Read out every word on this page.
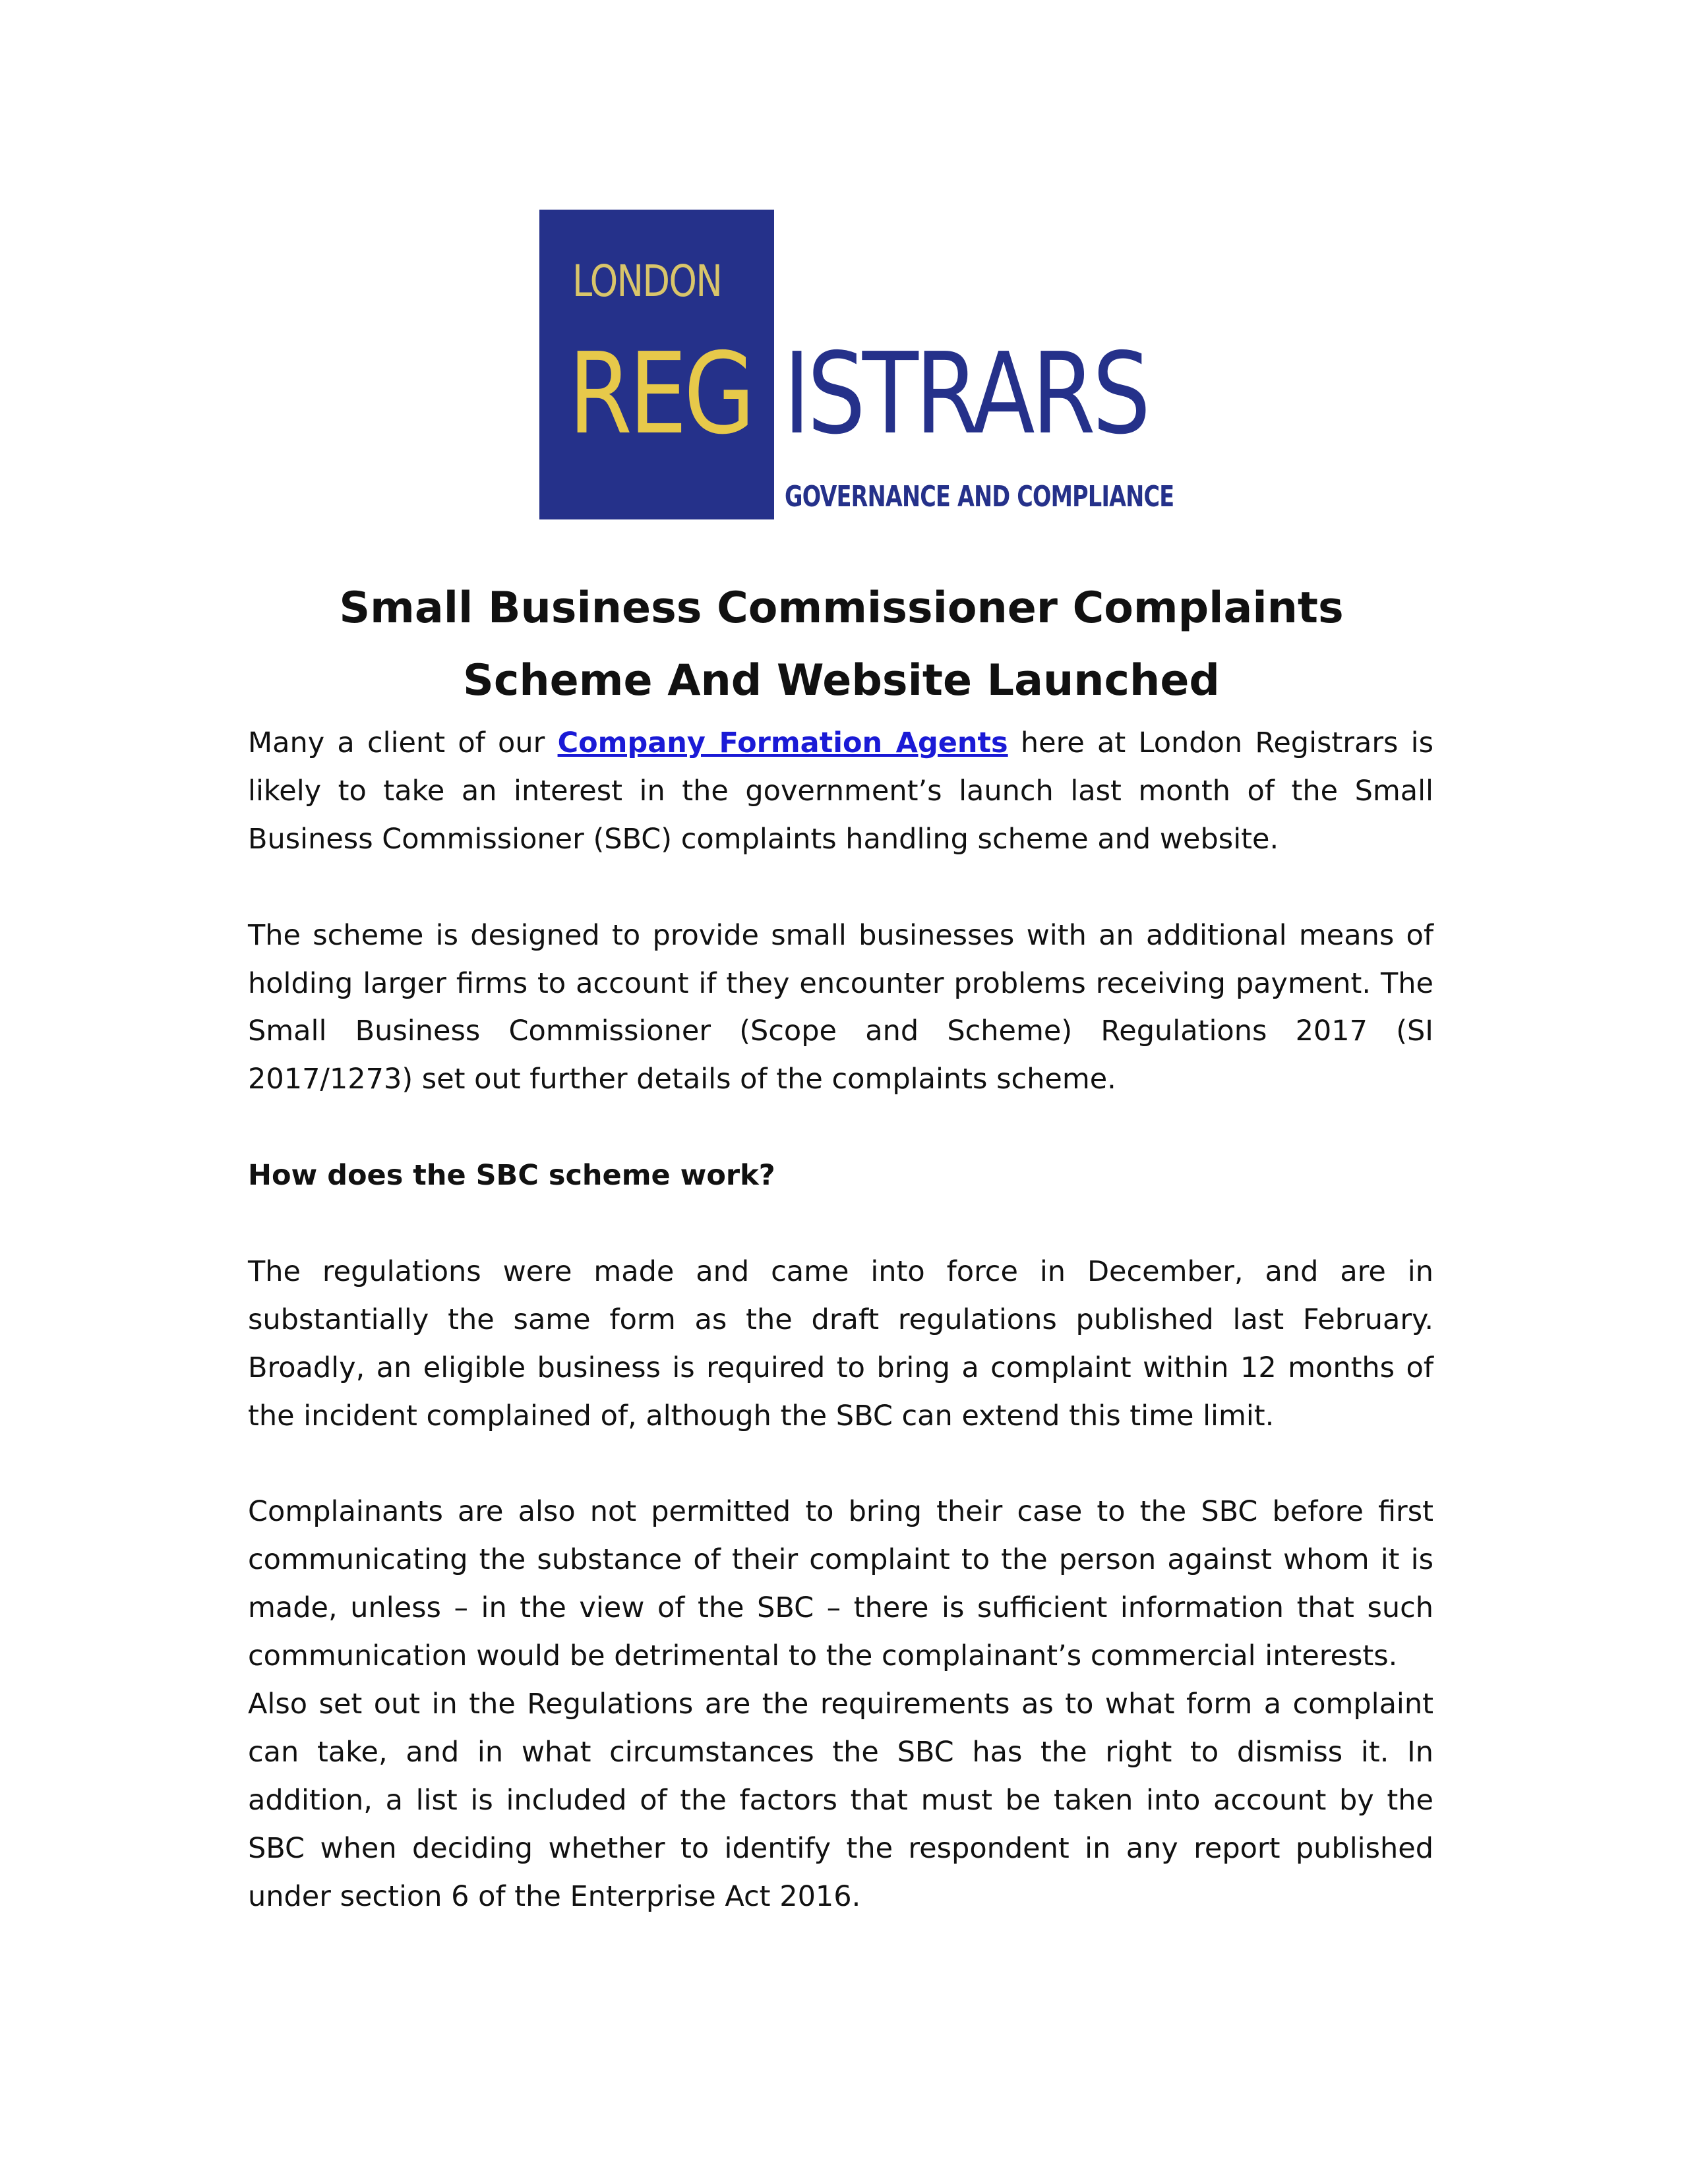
LONDON
REG ISTRARS
GOVERNANCE AND COMPLIANCE
Small Business Commissioner Complaints Scheme And Website Launched

Many a client of our Company Formation Agents here at London Registrars is likely to take an interest in the government’s launch last month of the Small Business Commissioner (SBC) complaints handling scheme and website.

The scheme is designed to provide small businesses with an additional means of holding larger firms to account if they encounter problems receiving payment. The Small Business Commissioner (Scope and Scheme) Regulations 2017 (SI 2017/1273) set out further details of the complaints scheme.

How does the SBC scheme work?

The regulations were made and came into force in December, and are in substantially the same form as the draft regulations published last February. Broadly, an eligible business is required to bring a complaint within 12 months of the incident complained of, although the SBC can extend this time limit.

Complainants are also not permitted to bring their case to the SBC before first communicating the substance of their complaint to the person against whom it is made, unless – in the view of the SBC – there is sufficient information that such communication would be detrimental to the complainant’s commercial interests.

Also set out in the Regulations are the requirements as to what form a complaint can take, and in what circumstances the SBC has the right to dismiss it. In addition, a list is included of the factors that must be taken into account by the SBC when deciding whether to identify the respondent in any report published under section 6 of the Enterprise Act 2016.
